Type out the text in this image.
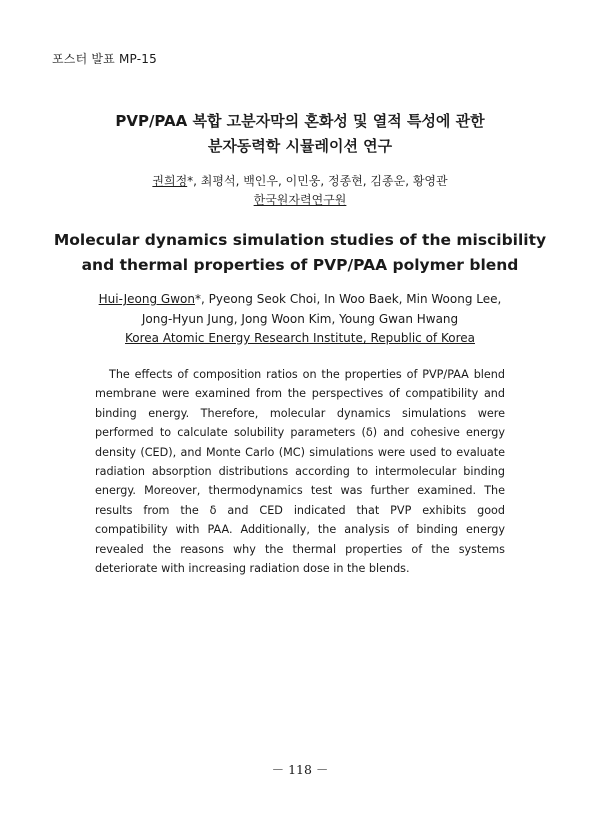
포스터 발표 MP-15
PVP/PAA 복합 고분자막의 혼화성 및 열적 특성에 관한
분자동력학 시뮬레이션 연구
권희정*, 최평석, 백인우, 이민웅, 정종현, 김종운, 황영관
한국원자력연구원
Molecular dynamics simulation studies of the miscibility
and thermal properties of PVP/PAA polymer blend
Hui-Jeong Gwon*, Pyeong Seok Choi, In Woo Baek, Min Woong Lee,
Jong-Hyun Jung, Jong Woon Kim, Young Gwan Hwang
Korea Atomic Energy Research Institute, Republic of Korea

The effects of composition ratios on the properties of PVP/PAA blend membrane were examined from the perspectives of compatibility and binding energy. Therefore, molecular dynamics simulations were performed to calculate solubility parameters (δ) and cohesive energy density (CED), and Monte Carlo (MC) simulations were used to evaluate radiation absorption distributions according to intermolecular binding energy. Moreover, thermodynamics test was further examined. The results from the δ and CED indicated that PVP exhibits good compatibility with PAA. Additionally, the analysis of binding energy revealed the reasons why the thermal properties of the systems deteriorate with increasing radiation dose in the blends.

－ 118 －
